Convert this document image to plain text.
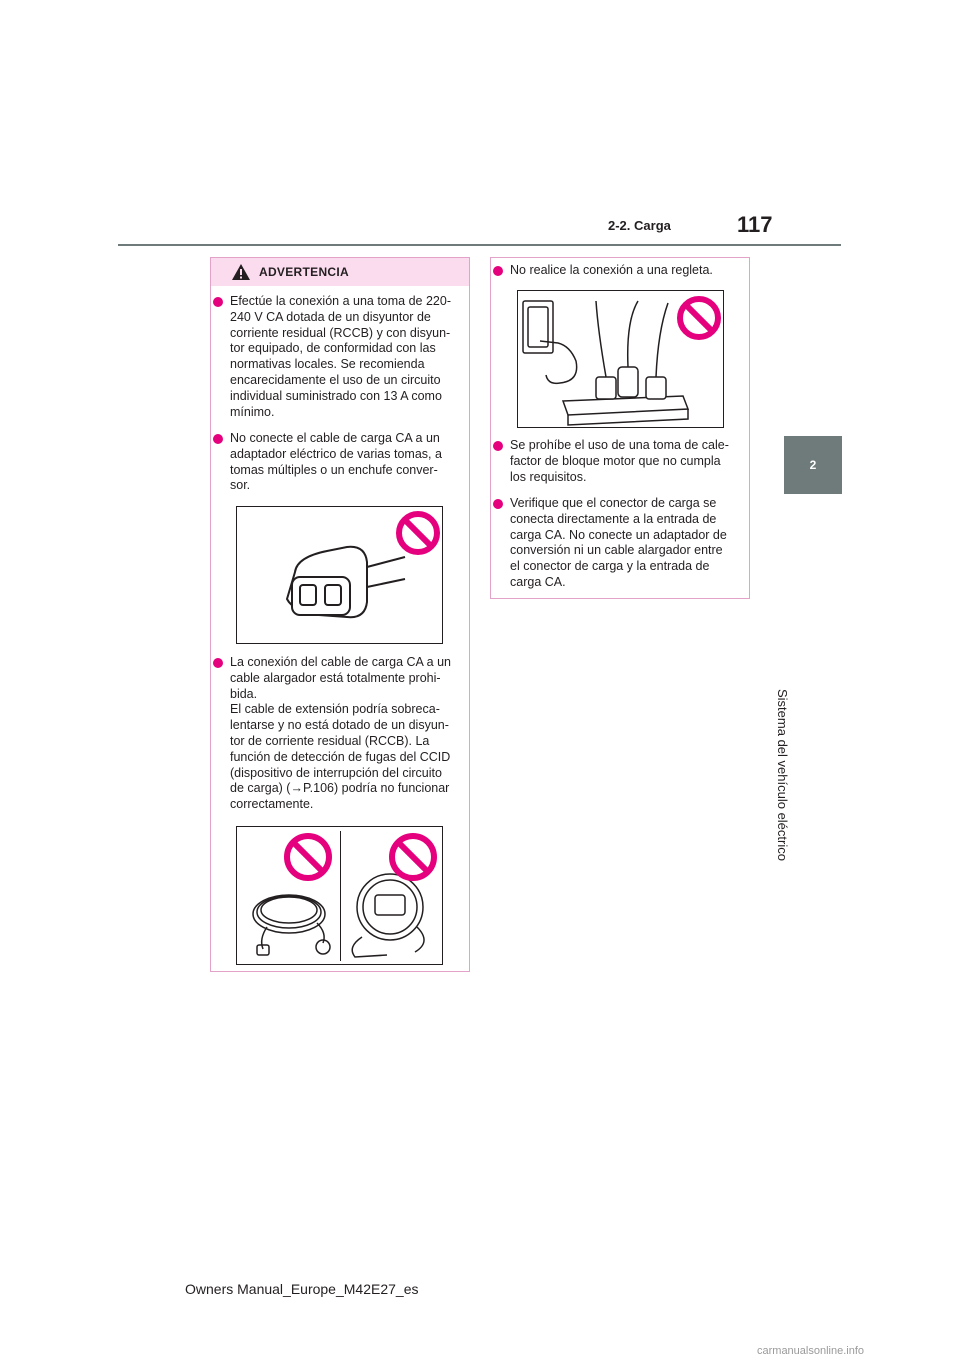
2-2. Carga	117
2
Sistema del vehículo eléctrico
ADVERTENCIA
Efectúe la conexión a una toma de 220-
240 V CA dotada de un disyuntor de
corriente residual (RCCB) y con disyun-
tor equipado, de conformidad con las
normativas locales. Se recomienda
encarecidamente el uso de un circuito
individual suministrado con 13 A como
mínimo.
No conecte el cable de carga CA a un
adaptador eléctrico de varias tomas, a
tomas múltiples o un enchufe conver-
sor.
La conexión del cable de carga CA a un
cable alargador está totalmente prohi-
bida.
El cable de extensión podría sobreca-
lentarse y no está dotado de un disyun-
tor de corriente residual (RCCB). La
función de detección de fugas del CCID
(dispositivo de interrupción del circuito
de carga) (→P.106) podría no funcionar
correctamente.
No realice la conexión a una regleta.
Se prohíbe el uso de una toma de cale-
factor de bloque motor que no cumpla
los requisitos.
Verifique que el conector de carga se
conecta directamente a la entrada de
carga CA. No conecte un adaptador de
conversión ni un cable alargador entre
el conector de carga y la entrada de
carga CA.
Owners Manual_Europe_M42E27_es
carmanualsonline.info
